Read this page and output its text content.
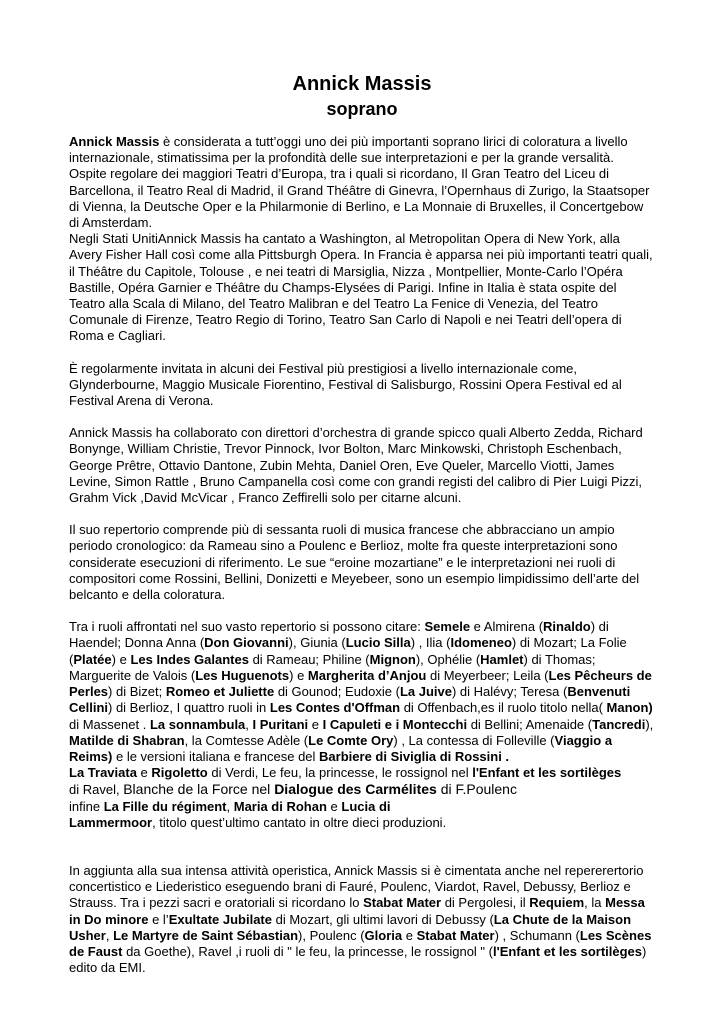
Annick Massis
soprano

Annick Massis è considerata a tutt’oggi uno dei più importanti soprano lirici di coloratura a livello internazionale, stimatissima per la profondità delle sue interpretazioni e per la grande versalità. Ospite regolare dei maggiori Teatri d’Europa, tra i quali si ricordano, Il Gran Teatro del Liceu di Barcellona, il Teatro Real di Madrid, il Grand Théâtre di Ginevra, l’Opernhaus di Zurigo, la Staatsoper di Vienna, la Deutsche Oper e la Philarmonie di Berlino, e La Monnaie di Bruxelles, il Concertgebow di Amsterdam.

Negli Stati UnitiAnnick Massis ha cantato a Washington, al Metropolitan Opera di New York, alla Avery Fisher Hall così come alla Pittsburgh Opera. In Francia è apparsa nei più importanti teatri quali, il Théâtre du Capitole, Tolouse , e nei teatri di Marsiglia, Nizza , Montpellier, Monte-Carlo l’Opéra Bastille, Opéra Garnier e Théâtre du Champs-Elysées di Parigi. Infine in Italia è stata ospite del Teatro alla Scala di Milano, del Teatro Malibran e del Teatro La Fenice di Venezia, del Teatro Comunale di Firenze, Teatro Regio di Torino, Teatro San Carlo di Napoli e nei Teatri dell’opera di Roma e Cagliari.

È regolarmente invitata in alcuni dei Festival più prestigiosi a livello internazionale come, Glynderbourne, Maggio Musicale Fiorentino, Festival di Salisburgo, Rossini Opera Festival ed al Festival Arena di Verona.

Annick Massis ha collaborato con direttori d’orchestra di grande spicco quali Alberto Zedda, Richard Bonynge, William Christie, Trevor Pinnock, Ivor Bolton, Marc Minkowski, Christoph Eschenbach, George Prêtre, Ottavio Dantone, Zubin Mehta, Daniel Oren, Eve Queler, Marcello Viotti, James Levine, Simon Rattle , Bruno Campanella così come con grandi registi del calibro di Pier Luigi Pizzi, Grahm Vick ,David McVicar , Franco Zeffirelli solo per citarne alcuni.

Il suo repertorio comprende più di sessanta ruoli di musica francese che abbracciano un ampio periodo cronologico: da Rameau sino a Poulenc e Berlioz, molte fra queste interpretazioni sono considerate esecuzioni di riferimento. Le sue “eroine mozartiane” e le interpretazioni nei ruoli di compositori come Rossini, Bellini, Donizetti e Meyebeer, sono un esempio limpidissimo dell’arte del belcanto e della coloratura.

Tra i ruoli affrontati nel suo vasto repertorio si possono citare: Semele e Almirena (Rinaldo) di Haendel; Donna Anna (Don Giovanni), Giunia (Lucio Silla) , Ilia (Idomeneo) di Mozart; La Folie (Platée) e Les Indes Galantes di Rameau; Philine (Mignon), Ophélie (Hamlet) di Thomas; Marguerite de Valois (Les Huguenots) e Margherita d’Anjou di Meyerbeer; Leila (Les Pêcheurs de Perles) di Bizet; Romeo et Juliette di Gounod; Eudoxie (La Juive) di Halévy; Teresa (Benvenuti Cellini) di Berlioz, I quattro ruoli in Les Contes d'Offman di Offenbach,es il ruolo titolo nella( Manon) di Massenet . La sonnambula, I Puritani e I Capuleti e i Montecchi di Bellini; Amenaide (Tancredi), Matilde di Shabran, la Comtesse Adèle (Le Comte Ory) , La contessa di Folleville (Viaggio a Reims) e le versioni italiana e francese del Barbiere di Siviglia di Rossini .

La Traviata e Rigoletto di Verdi, Le feu, la princesse, le rossignol nel l'Enfant et les sortilèges

di Ravel, Blanche de la Force nel Dialogue des Carmélites di F.Poulenc

infine La Fille du régiment, Maria di Rohan e Lucia di

Lammermoor, titolo quest’ultimo cantato in oltre dieci produzioni.

In aggiunta alla sua intensa attività operistica, Annick Massis si è cimentata anche nel repererertorio concertistico e Liederistico eseguendo brani di Fauré, Poulenc, Viardot, Ravel, Debussy, Berlioz e Strauss. Tra i pezzi sacri e oratoriali si ricordano lo Stabat Mater di Pergolesi, il Requiem, la Messa in Do minore e l’Exultate Jubilate di Mozart, gli ultimi lavori di Debussy (La Chute de la Maison Usher, Le Martyre de Saint Sébastian), Poulenc (Gloria e Stabat Mater) , Schumann (Les Scènes de Faust da Goethe), Ravel ,i ruoli di " le feu, la princesse, le rossignol " (l'Enfant et les sortilèges) edito da EMI.
